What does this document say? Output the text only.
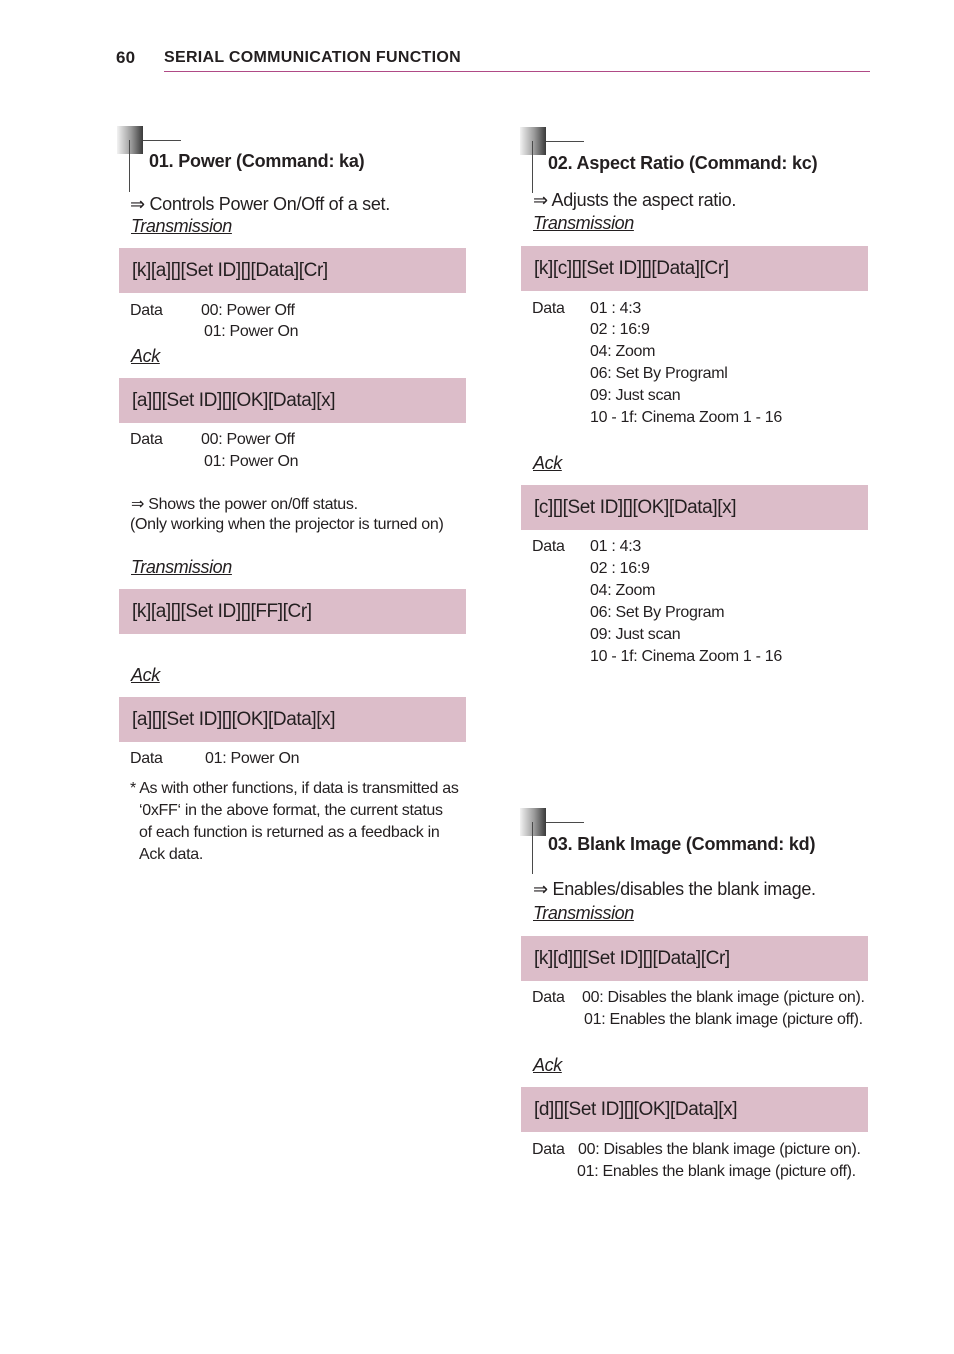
60 SERIAL COMMUNICATION FUNCTION
01. Power (Command: ka)
⇒ Controls Power On/Off of a set.
Transmission
[k][a][][Set ID][][Data][Cr]
Data 00: Power Off
01: Power On
Ack
[a][][Set ID][][OK][Data][x]
Data 00: Power Off
01: Power On
⇒ Shows the power on/0ff status.
(Only working when the projector is turned on)
Transmission
[k][a][][Set ID][][FF][Cr]
Ack
[a][][Set ID][][OK][Data][x]
Data	01: Power On
* As with other functions, if data is transmitted as
‘0xFF‘ in the above format, the current status
of each function is returned as a feedback in
Ack data.
02. Aspect Ratio (Command: kc)
⇒ Adjusts the aspect ratio.
Transmission
[k][c][][Set ID][][Data][Cr]
Data 01 : 4:3
02 : 16:9
04: Zoom
06: Set By Programl
09: Just scan
10 - 1f: Cinema Zoom 1 - 16
Ack
[c][][Set ID][][OK][Data][x]
Data 01 : 4:3
02 : 16:9
04: Zoom
06: Set By Program
09: Just scan
10 - 1f: Cinema Zoom 1 - 16
03. Blank Image (Command: kd)
⇒ Enables/disables the blank image.
Transmission
[k][d][][Set ID][][Data][Cr]
Data 00: Disables the blank image (picture on).
01: Enables the blank image (picture off).
Ack
[d][][Set ID][][OK][Data][x]
Data 00: Disables the blank image (picture on).
01: Enables the blank image (picture off).
